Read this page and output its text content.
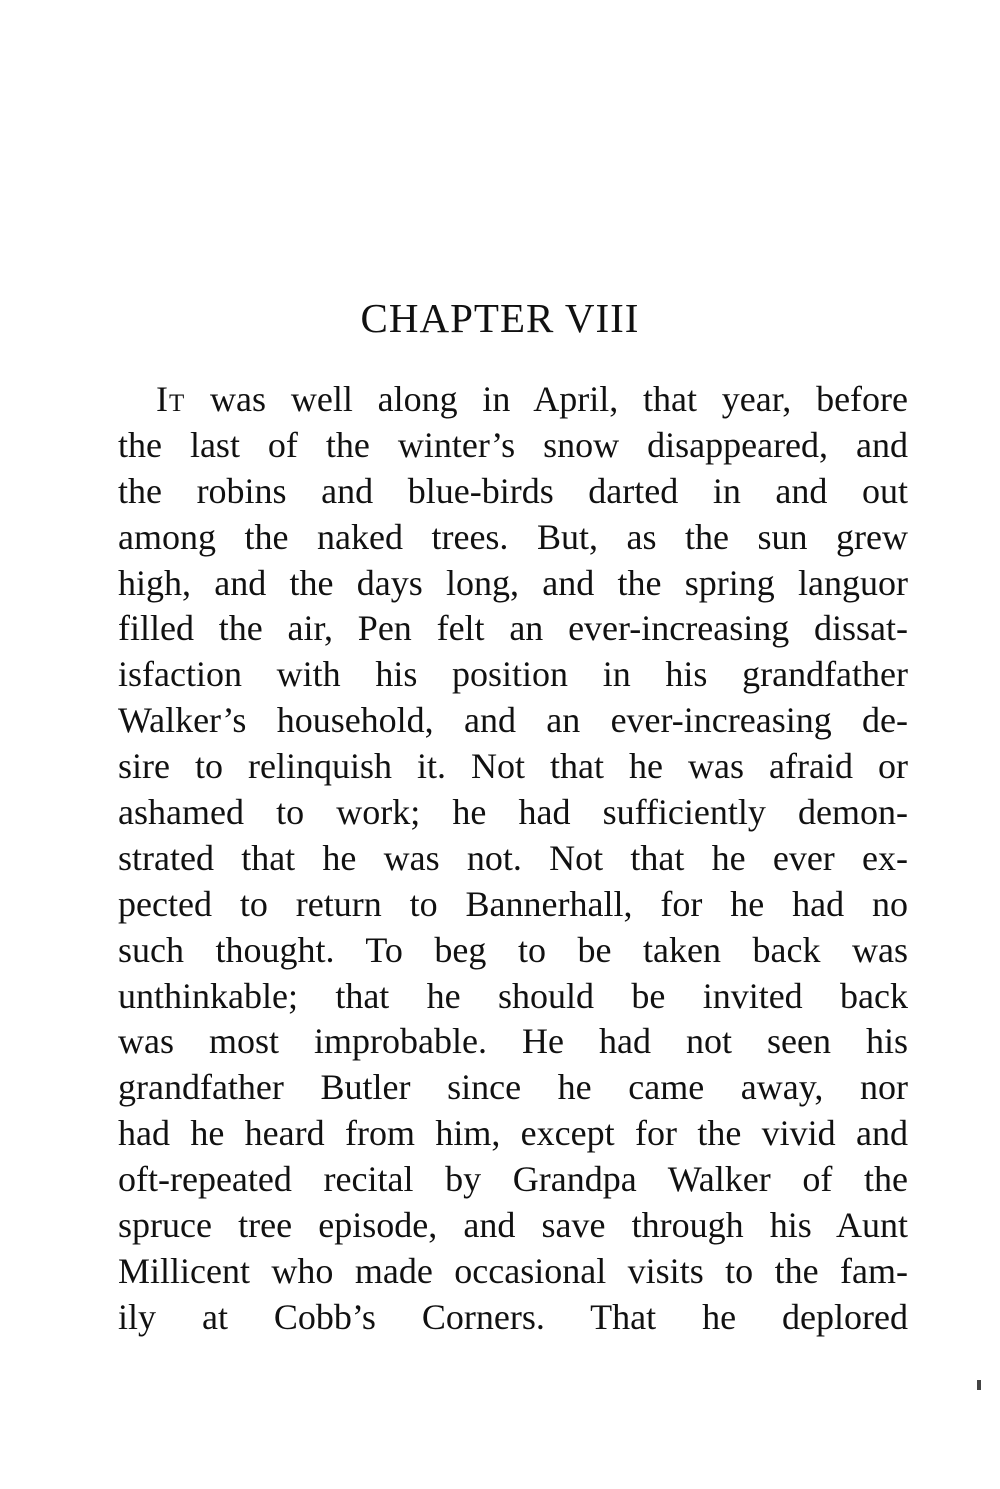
CHAPTER VIII
It was well along in April, that year, before
the last of the winter’s snow disappeared, and
the robins and blue-birds darted in and out
among the naked trees. But, as the sun grew
high, and the days long, and the spring languor
filled the air, Pen felt an ever-increasing dissat-
isfaction with his position in his grandfather
Walker’s household, and an ever-increasing de-
sire to relinquish it. Not that he was afraid or
ashamed to work; he had sufficiently demon-
strated that he was not. Not that he ever ex-
pected to return to Bannerhall, for he had no
such thought. To beg to be taken back was
unthinkable; that he should be invited back
was most improbable. He had not seen his
grandfather Butler since he came away, nor
had he heard from him, except for the vivid and
oft-repeated recital by Grandpa Walker of the
spruce tree episode, and save through his Aunt
Millicent who made occasional visits to the fam-
ily at Cobb’s Corners. That he deplored
